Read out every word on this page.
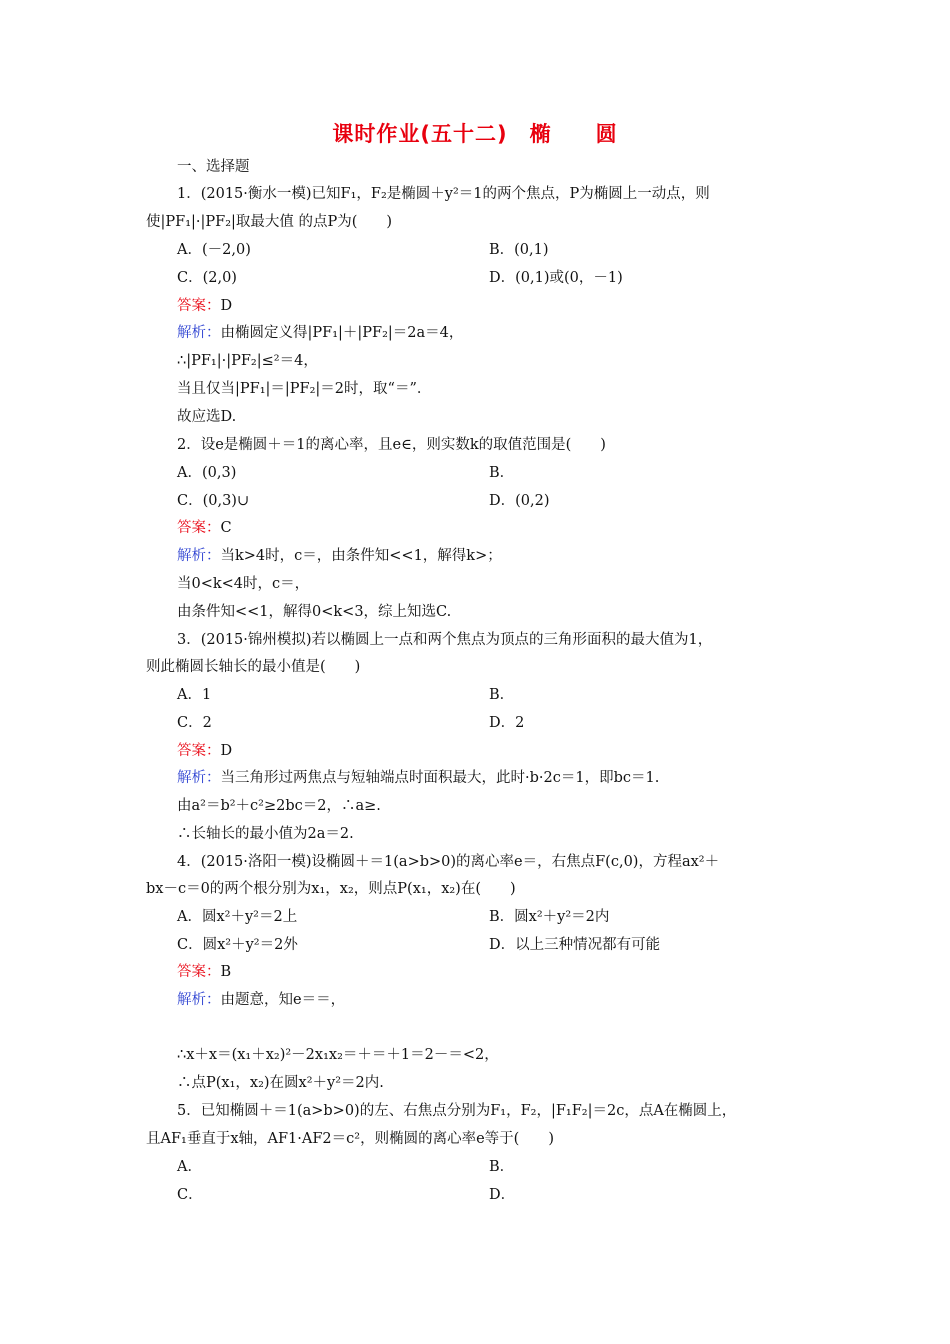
课时作业(五十二)　椭　　圆
一、选择题
1．(2015·衡水一模)已知F₁，F₂是椭圆＋y²＝1的两个焦点，P为椭圆上一动点，则
使|PF₁|·|PF₂|取最大值 的点P为(　　)
A．(－2,0)	B．(0,1)
C．(2,0)	D．(0,1)或(0，－1)
答案：D
解析：由椭圆定义得|PF₁|＋|PF₂|＝2a＝4，
∴|PF₁|·|PF₂|≤²＝4，
当且仅当|PF₁|＝|PF₂|＝2时，取“＝”．
故应选D.
2．设e是椭圆＋＝1的离心率，且e∈，则实数k的取值范围是(　　)
A．(0,3)	B．
C．(0,3)∪	D．(0,2)
答案：C
解析：当k>4时，c＝，由条件知<<1，解得k>；
当0<k<4时，c＝，
由条件知<<1，解得0<k<3，综上知选C.
3．(2015·锦州模拟)若以椭圆上一点和两个焦点为顶点的三角形面积的最大值为1，
则此椭圆长轴长的最小值是(　　)
A．1	B．
C．2	D．2
答案：D
解析：当三角形过两焦点与短轴端点时面积最大，此时·b·2c＝1，即bc＝1.
由a²＝b²＋c²≥2bc＝2，∴a≥.
∴长轴长的最小值为2a＝2.
4．(2015·洛阳一模)设椭圆＋＝1(a>b>0)的离心率e＝，右焦点F(c,0)，方程ax²＋
bx－c＝0的两个根分别为x₁，x₂，则点P(x₁，x₂)在(　　)
A．圆x²＋y²＝2上	B．圆x²＋y²＝2内
C．圆x²＋y²＝2外	D．以上三种情况都有可能
答案：B
解析：由题意，知e＝＝，
∴x＋x＝(x₁＋x₂)²－2x₁x₂＝＋＝＋1＝2－＝<2，
∴点P(x₁，x₂)在圆x²＋y²＝2内.
5．已知椭圆＋＝1(a>b>0)的左、右焦点分别为F₁，F₂，|F₁F₂|＝2c，点A在椭圆上，
且AF₁垂直于x轴，AF1·AF2＝c²，则椭圆的离心率e等于(　　)
A．	B．
C．	D．
